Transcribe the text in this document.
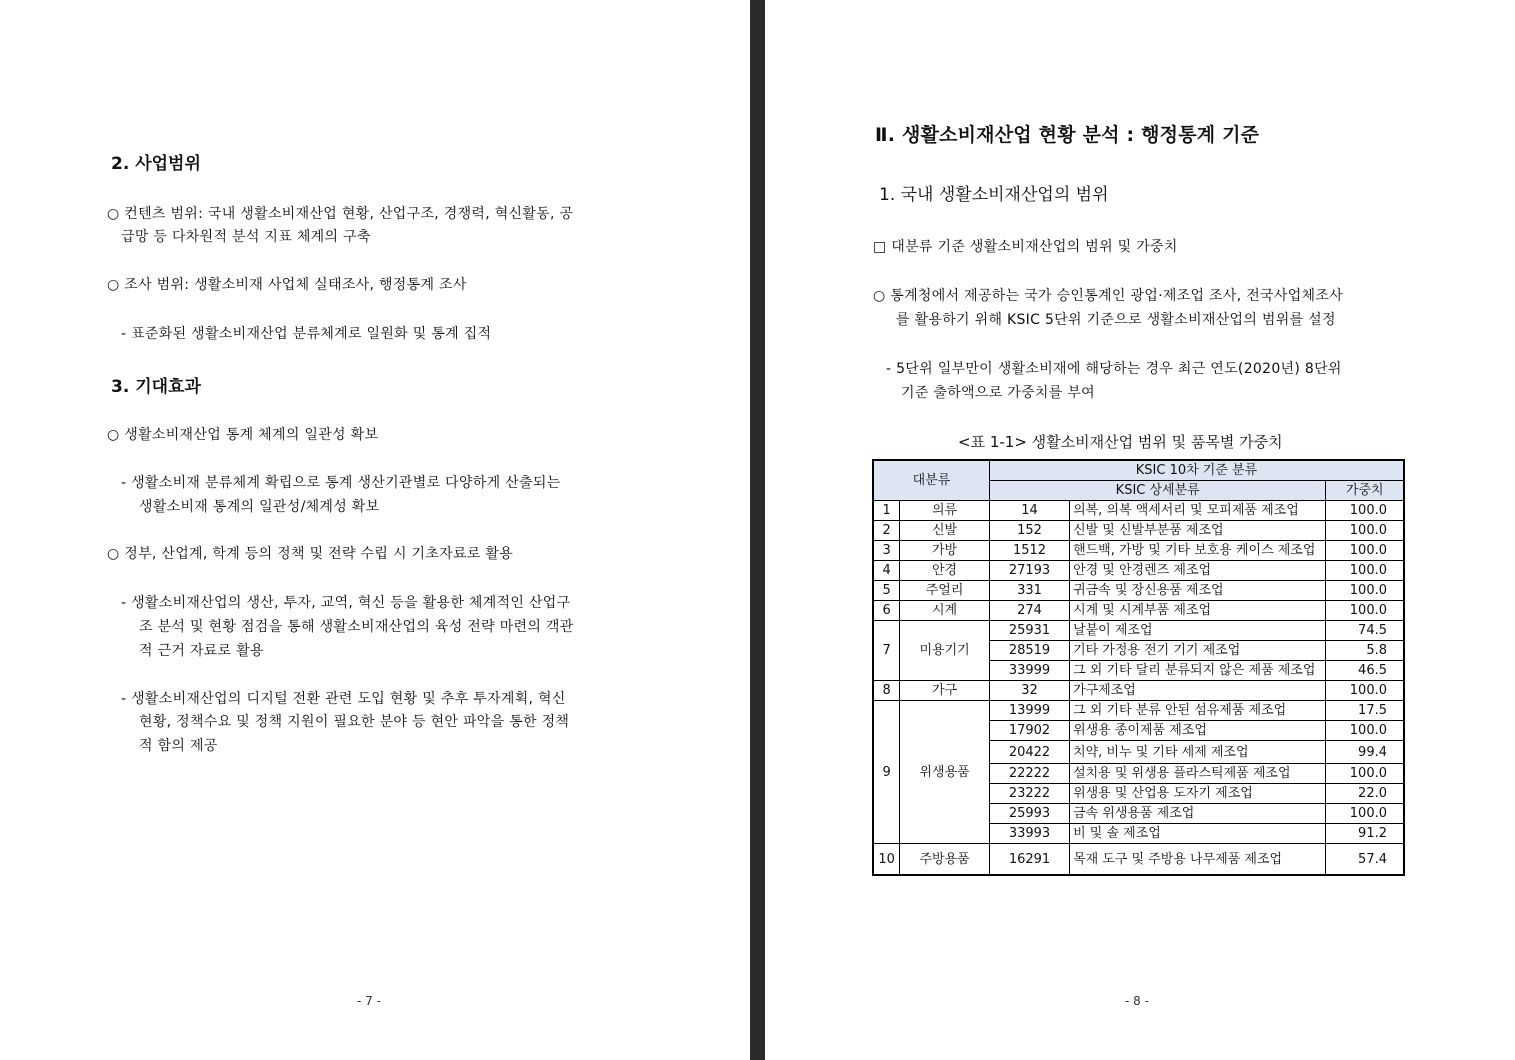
2. 사업범위
○ 컨텐츠 범위: 국내 생활소비재산업 현황, 산업구조, 경쟁력, 혁신활동, 공
급망 등 다차원적 분석 지표 체계의 구축
○ 조사 범위: 생활소비재 사업체 실태조사, 행정통계 조사
- 표준화된 생활소비재산업 분류체계로 일원화 및 통계 집적
3. 기대효과
○ 생활소비재산업 통계 체계의 일관성 확보
- 생활소비재 분류체계 확립으로 통계 생산기관별로 다양하게 산출되는
생활소비재 통계의 일관성/체계성 확보
○ 정부, 산업계, 학계 등의 정책 및 전략 수립 시 기초자료로 활용
- 생활소비재산업의 생산, 투자, 교역, 혁신 등을 활용한 체계적인 산업구
조 분석 및 현황 점검을 통해 생활소비재산업의 육성 전략 마련의 객관
적 근거 자료로 활용
- 생활소비재산업의 디지털 전환 관련 도입 현황 및 추후 투자계획, 혁신
현황, 정책수요 및 정책 지원이 필요한 분야 등 현안 파악을 통한 정책
적 함의 제공
- 7 -
Ⅱ. 생활소비재산업 현황 분석 : 행정통계 기준
1. 국내 생활소비재산업의 범위
□ 대분류 기준 생활소비재산업의 범위 및 가중치
○ 통계청에서 제공하는 국가 승인통계인 광업·제조업 조사, 전국사업체조사
를 활용하기 위해 KSIC 5단위 기준으로 생활소비재산업의 범위를 설정
- 5단위 일부만이 생활소비재에 해당하는 경우 최근 연도(2020년) 8단위
기준 출하액으로 가중치를 부여
<표 1-1> 생활소비재산업 범위 및 품목별 가중치
대분류		KSIC 10차 기준 분류		
		KSIC 상세분류		가중치
1	의류	14	의복, 의복 액세서리 및 모피제품 제조업	100.0
2	신발	152	신발 및 신발부분품 제조업	100.0
3	가방	1512	핸드백, 가방 및 기타 보호용 케이스 제조업	100.0
4	안경	27193	안경 및 안경렌즈 제조업	100.0
5	주얼리	331	귀금속 및 장신용품 제조업	100.0
6	시계	274	시계 및 시계부품 제조업	100.0
7	미용기기	25931	날붙이 제조업	74.5
		28519	기타 가정용 전기 기기 제조업	5.8
		33999	그 외 기타 달리 분류되지 않은 제품 제조업	46.5
8	가구	32	가구제조업	100.0
9	위생용품	13999	그 외 기타 분류 안된 섬유제품 제조업	17.5
		17902	위생용 종이제품 제조업	100.0
		20422	치약, 비누 및 기타 세제 제조업	99.4
		22222	설치용 및 위생용 플라스틱제품 제조업	100.0
		23222	위생용 및 산업용 도자기 제조업	22.0
		25993	금속 위생용품 제조업	100.0
		33993	비 및 솔 제조업	91.2
10	주방용품	16291	목재 도구 및 주방용 나무제품 제조업	57.4
- 8 -
